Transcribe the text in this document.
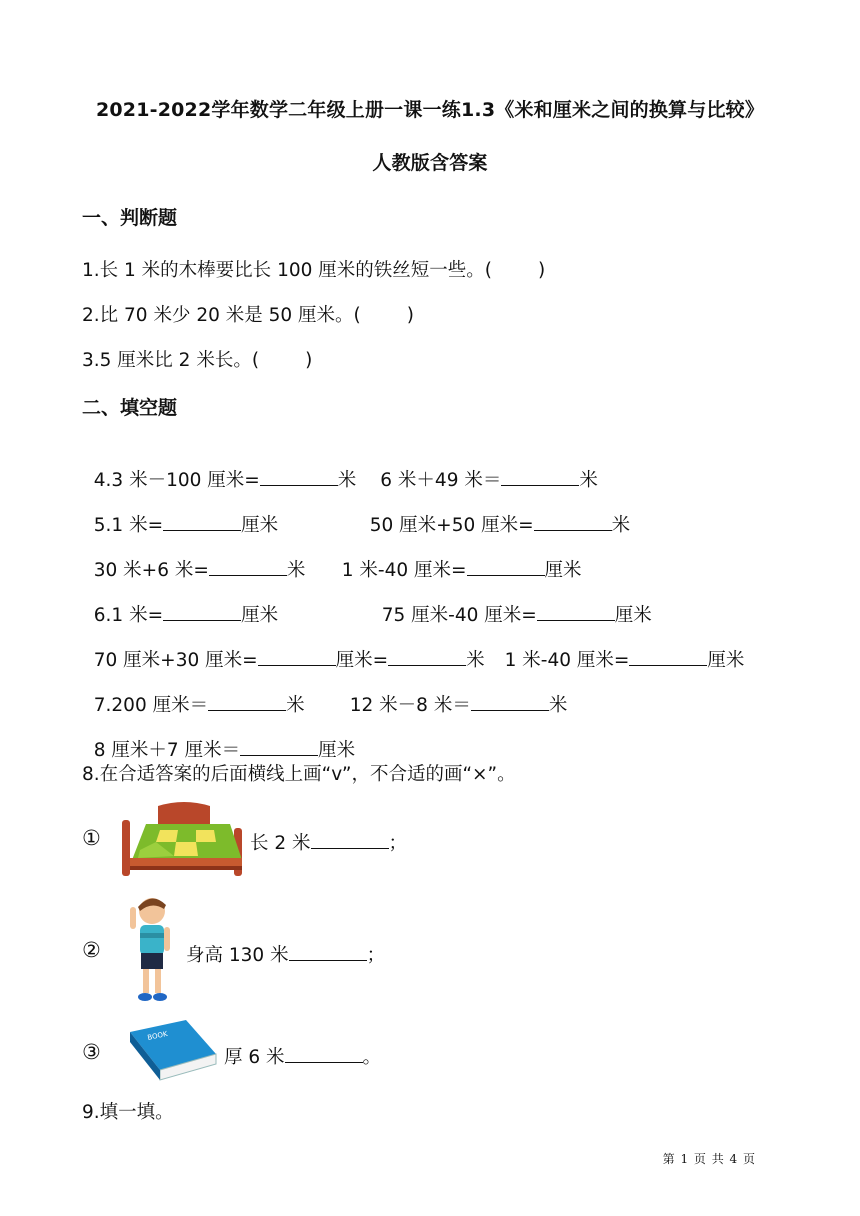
2021-2022学年数学二年级上册一课一练1.3《米和厘米之间的换算与比较》
人教版含答案
一、判断题
1.长 1 米的木棒要比长 100 厘米的铁丝短一些。( )
2.比 70 米少 20 米是 50 厘米。( )
3.5 厘米比 2 米长。( )
二、填空题

4.3 米－100 厘米=	米 6 米＋49 米＝	米

5.1 米=	厘米	50 厘米+50 厘米=	米

30 米+6 米=	米	1 米-40 厘米=	厘米

6.1 米=	厘米	75 厘米-40 厘米=	厘米

70 厘米+30 厘米=	厘米=	米 1 米-40 厘米=	厘米

7.200 厘米＝	米	12 米－8 米＝	米

8 厘米＋7 厘米＝	厘米

8.在合适答案的后面横线上画“v”，不合适的画“×”。
①	长 2 米	；
②	身高 130 米	；
③
BOOK
厚 6 米	。
9.填一填。
第 1 页 共 4 页
